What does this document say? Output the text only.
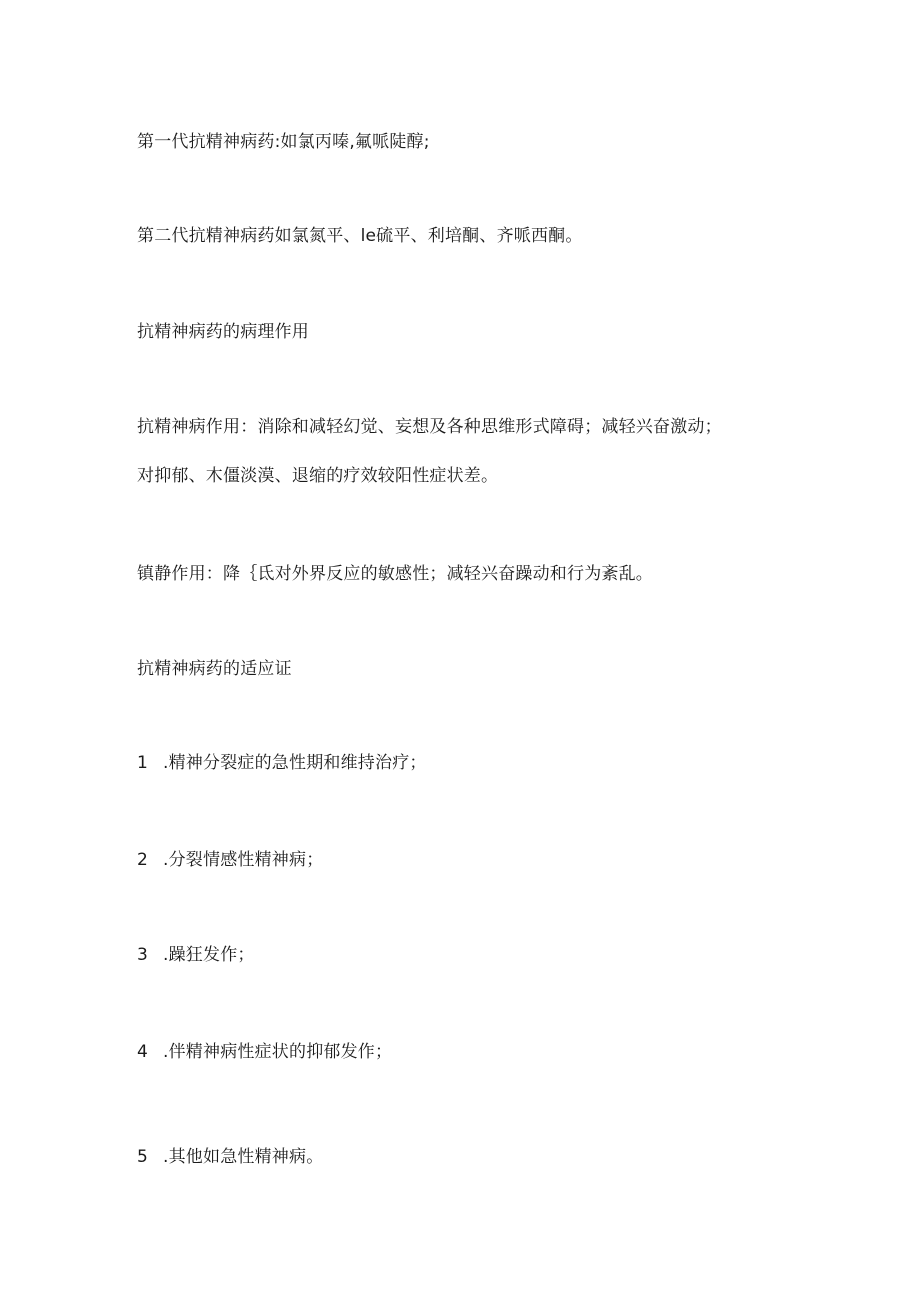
第一代抗精神病药:如氯丙嗪,氟哌陡醇;
第二代抗精神病药如氯氮平、le硫平、利培酮、齐哌西酮。
抗精神病药的病理作用
抗精神病作用：消除和减轻幻觉、妄想及各种思维形式障碍；减轻兴奋激动；
对抑郁、木僵淡漠、退缩的疗效较阳性症状差。
镇静作用：降｛氐对外界反应的敏感性；减轻兴奋躁动和行为紊乱。
抗精神病药的适应证
1 .精神分裂症的急性期和维持治疗；
2 .分裂情感性精神病；
3 .躁狂发作；
4 .伴精神病性症状的抑郁发作；
5 .其他如急性精神病。
